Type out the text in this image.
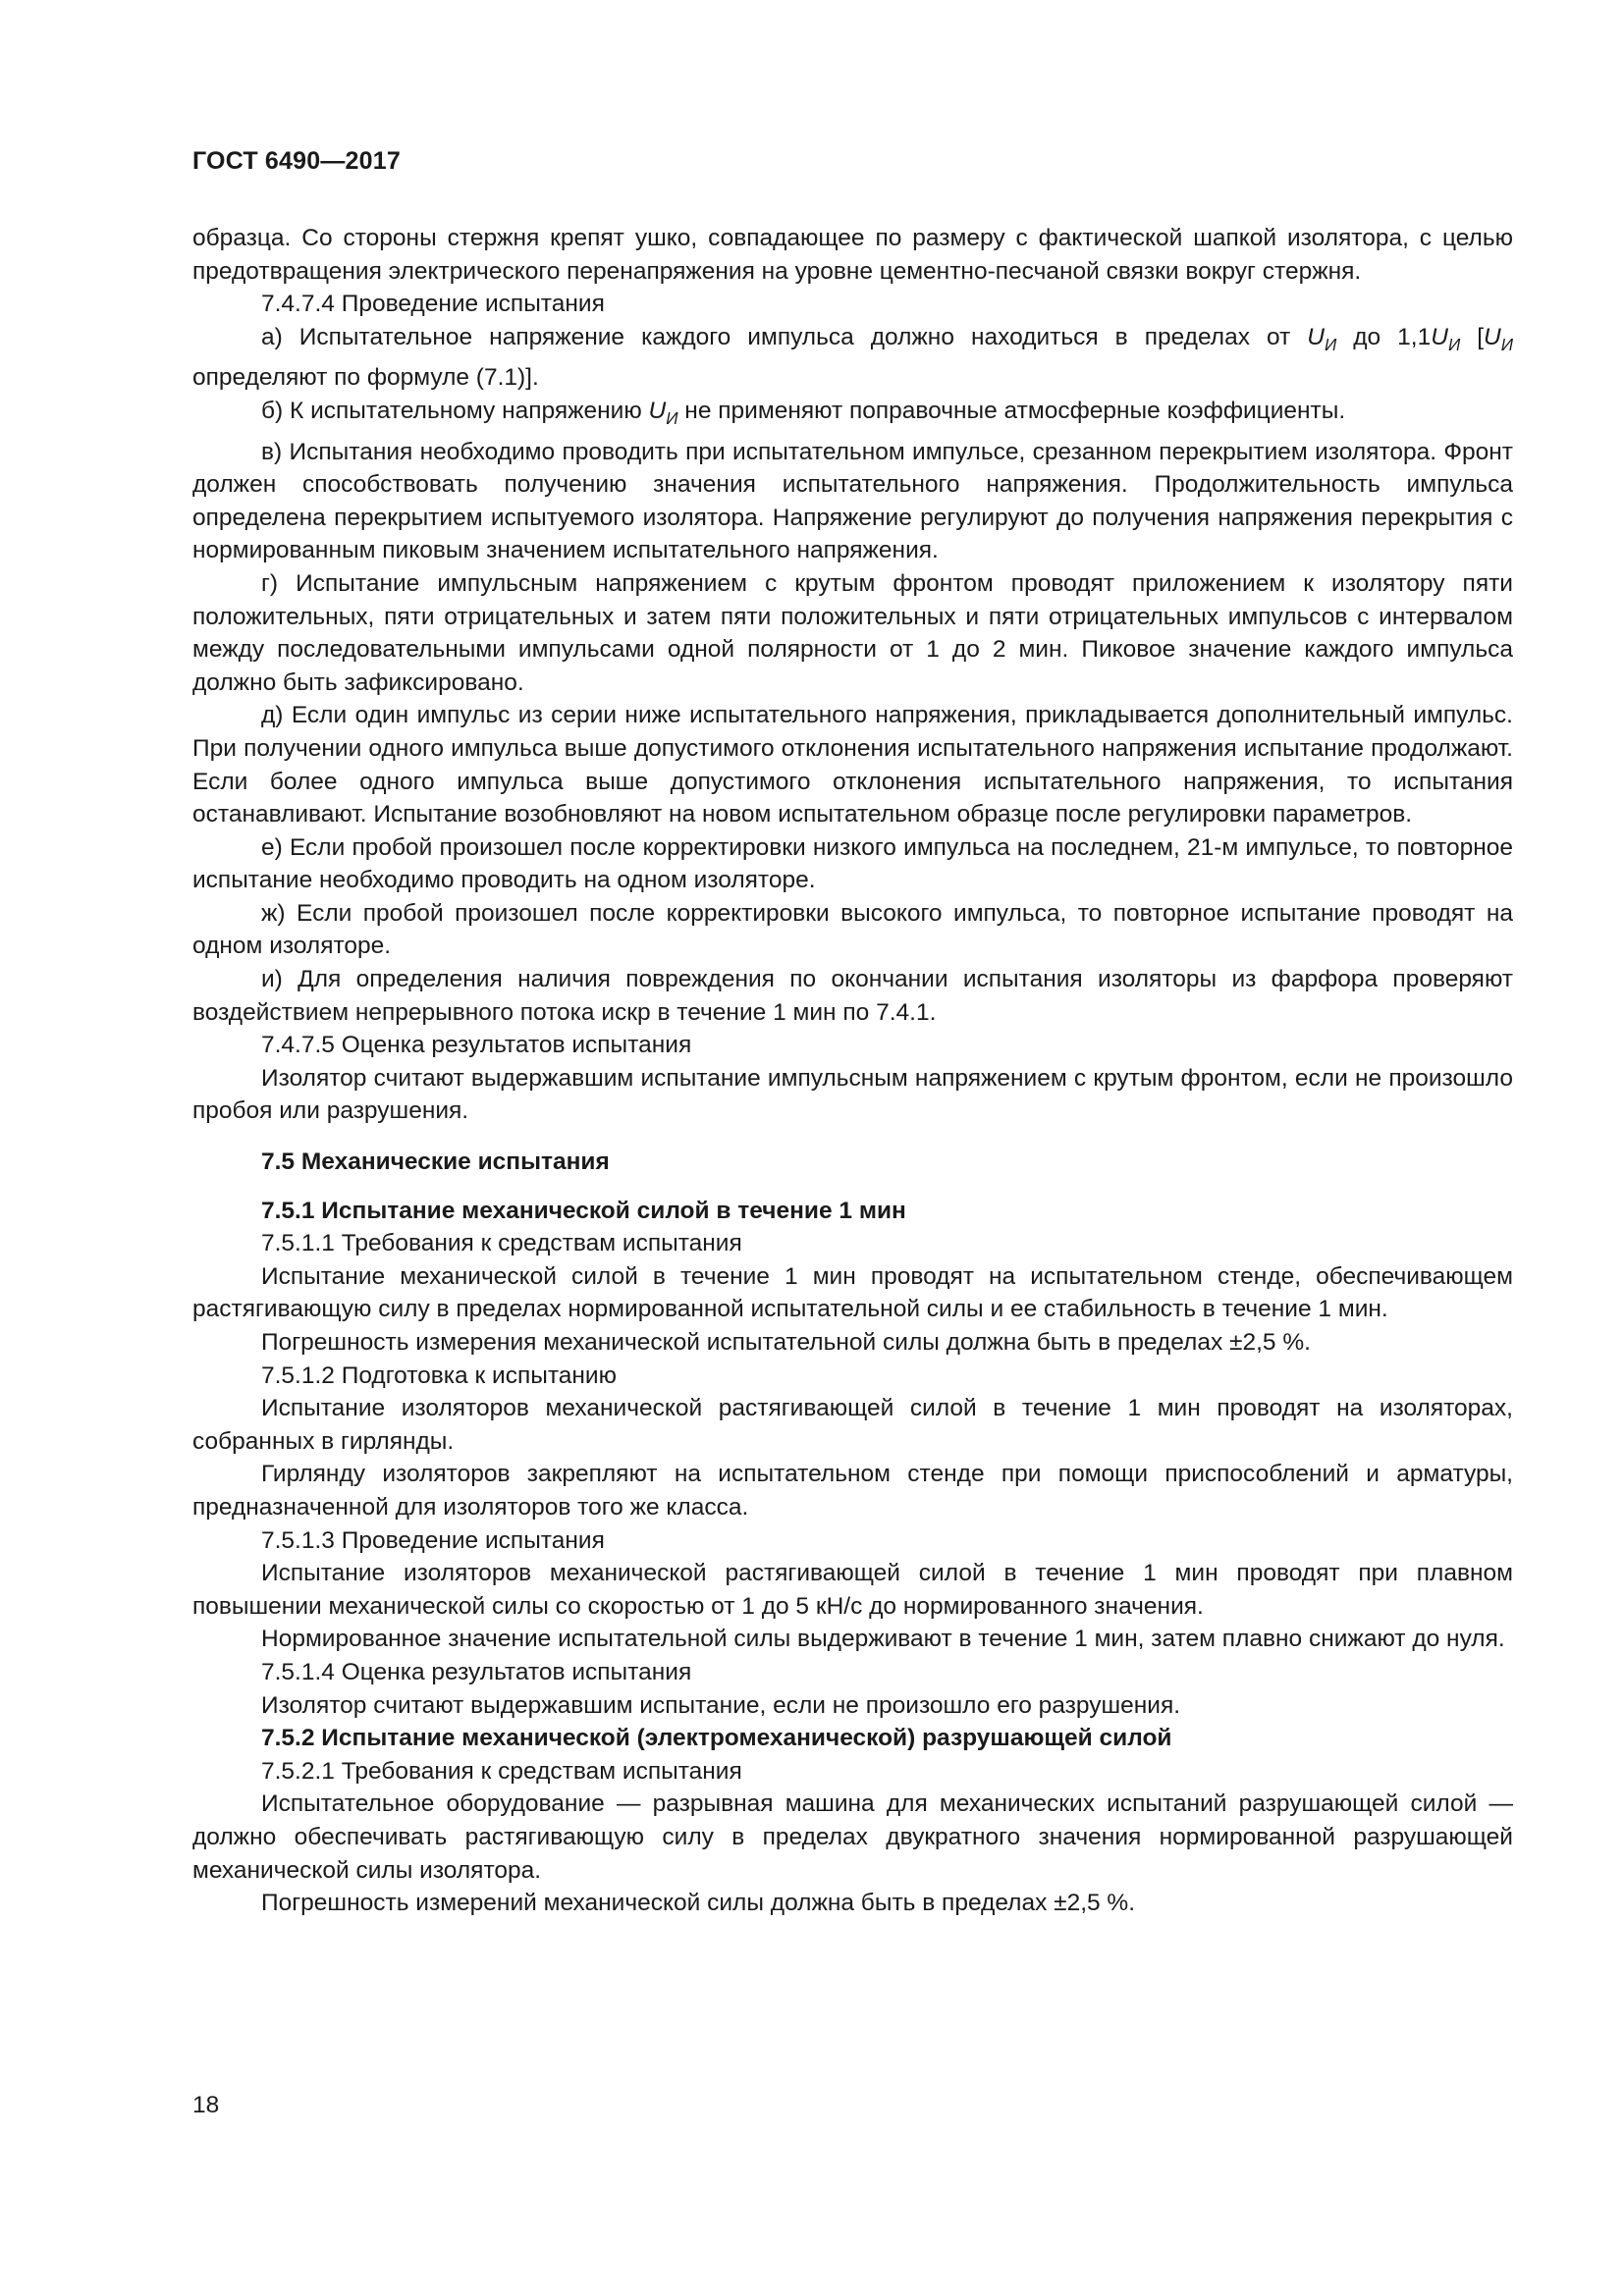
ГОСТ 6490—2017

образца. Со стороны стержня крепят ушко, совпадающее по размеру с фактической шапкой изолятора, с целью предотвращения электрического перенапряжения на уровне цементно-песчаной связки вокруг стержня.

7.4.7.4 Проведение испытания

а) Испытательное напряжение каждого импульса должно находиться в пределах от $U_И$ до $1,1U_И$ [$U_И$ определяют по формуле (7.1)].

б) К испытательному напряжению $U_И$ не применяют поправочные атмосферные коэффициенты.

в) Испытания необходимо проводить при испытательном импульсе, срезанном перекрытием изолятора. Фронт должен способствовать получению значения испытательного напряжения. Продолжительность импульса определена перекрытием испытуемого изолятора. Напряжение регулируют до получения напряжения перекрытия с нормированным пиковым значением испытательного напряжения.

г) Испытание импульсным напряжением с крутым фронтом проводят приложением к изолятору пяти положительных, пяти отрицательных и затем пяти положительных и пяти отрицательных импульсов с интервалом между последовательными импульсами одной полярности от 1 до 2 мин. Пиковое значение каждого импульса должно быть зафиксировано.

д) Если один импульс из серии ниже испытательного напряжения, прикладывается дополнительный импульс. При получении одного импульса выше допустимого отклонения испытательного напряжения испытание продолжают. Если более одного импульса выше допустимого отклонения испытательного напряжения, то испытания останавливают. Испытание возобновляют на новом испытательном образце после регулировки параметров.

е) Если пробой произошел после корректировки низкого импульса на последнем, 21-м импульсе, то повторное испытание необходимо проводить на одном изоляторе.

ж) Если пробой произошел после корректировки высокого импульса, то повторное испытание проводят на одном изоляторе.

и) Для определения наличия повреждения по окончании испытания изоляторы из фарфора проверяют воздействием непрерывного потока искр в течение 1 мин по 7.4.1.

7.4.7.5 Оценка результатов испытания

Изолятор считают выдержавшим испытание импульсным напряжением с крутым фронтом, если не произошло пробоя или разрушения.

7.5 Механические испытания

7.5.1 Испытание механической силой в течение 1 мин

7.5.1.1 Требования к средствам испытания

Испытание механической силой в течение 1 мин проводят на испытательном стенде, обеспечивающем растягивающую силу в пределах нормированной испытательной силы и ее стабильность в течение 1 мин.

Погрешность измерения механической испытательной силы должна быть в пределах ±2,5 %.

7.5.1.2 Подготовка к испытанию

Испытание изоляторов механической растягивающей силой в течение 1 мин проводят на изоляторах, собранных в гирлянды.

Гирлянду изоляторов закрепляют на испытательном стенде при помощи приспособлений и арматуры, предназначенной для изоляторов того же класса.

7.5.1.3 Проведение испытания

Испытание изоляторов механической растягивающей силой в течение 1 мин проводят при плавном повышении механической силы со скоростью от 1 до 5 кН/с до нормированного значения.

Нормированное значение испытательной силы выдерживают в течение 1 мин, затем плавно снижают до нуля.

7.5.1.4 Оценка результатов испытания

Изолятор считают выдержавшим испытание, если не произошло его разрушения.

7.5.2 Испытание механической (электромеханической) разрушающей силой

7.5.2.1 Требования к средствам испытания

Испытательное оборудование — разрывная машина для механических испытаний разрушающей силой — должно обеспечивать растягивающую силу в пределах двукратного значения нормированной разрушающей механической силы изолятора.

Погрешность измерений механической силы должна быть в пределах ±2,5 %.

18
